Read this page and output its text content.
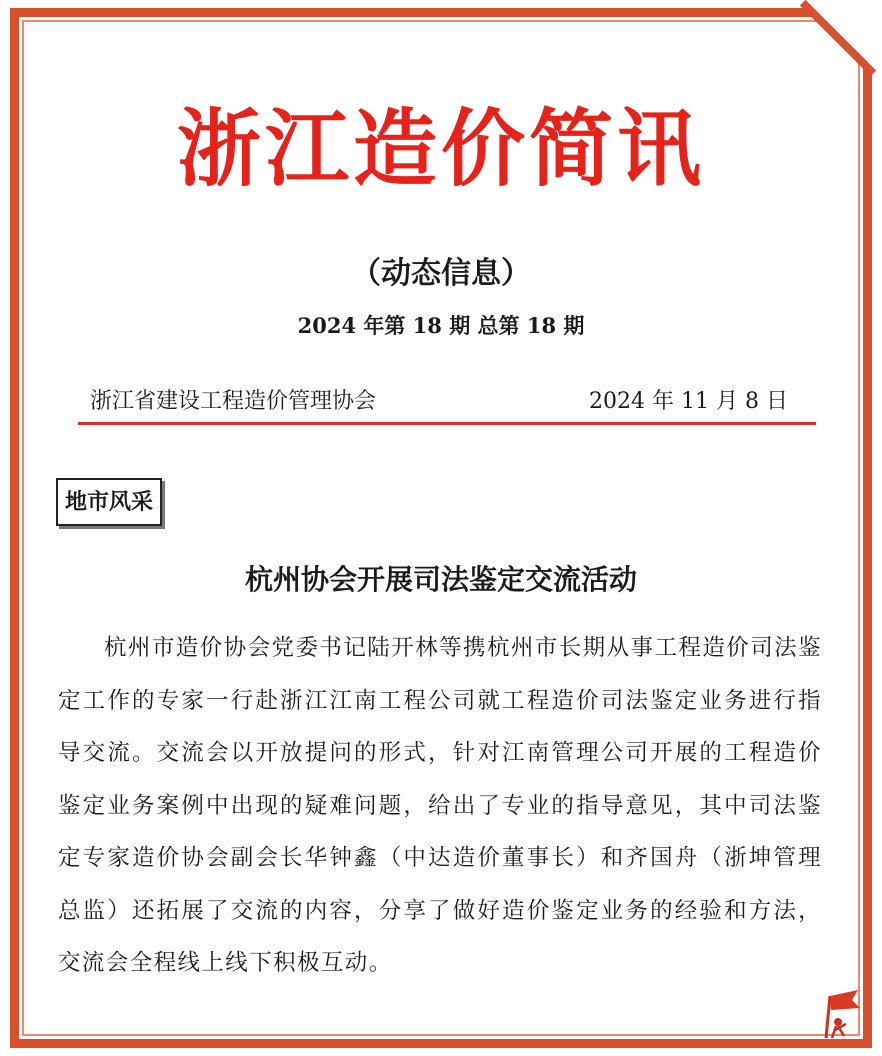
浙江造价简讯
（动态信息）
2024 年第 18 期 总第 18 期
浙江省建设工程造价管理协会	2024 年 11 月 8 日
地市风采
杭州协会开展司法鉴定交流活动
杭州市造价协会党委书记陆开林等携杭州市长期从事工程造价司法鉴定工作的专家一行赴浙江江南工程公司就工程造价司法鉴定业务进行指导交流。交流会以开放提问的形式，针对江南管理公司开展的工程造价鉴定业务案例中出现的疑难问题，给出了专业的指导意见，其中司法鉴定专家造价协会副会长华钟鑫（中达造价董事长）和齐国舟（浙坤管理总监）还拓展了交流的内容，分享了做好造价鉴定业务的经验和方法，交流会全程线上线下积极互动。
